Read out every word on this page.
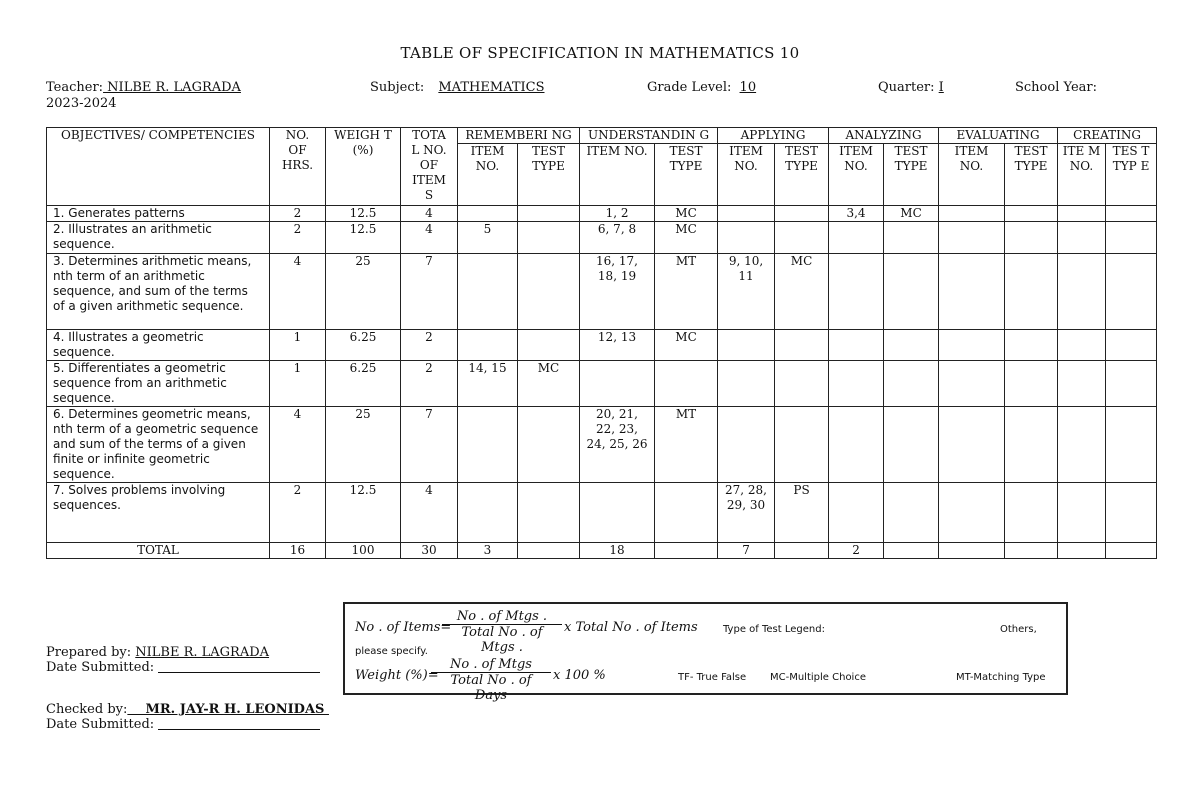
TABLE OF SPECIFICATION IN MATHEMATICS 10
Teacher: NILBE R. LAGRADA	Subject: MATHEMATICS	Grade Level: 10	Quarter: I	School Year:
2023-2024
OBJECTIVES/ COMPETENCIES	NO. OF HRS.	WEIGH T (%)	TOTA L NO. OF ITEM S	REMEMBERI NG		UNDERSTANDIN G		APPLYING		ANALYZING		EVALUATING		CREATING	
				ITEM NO.	TEST TYPE	ITEM NO.	TEST TYPE	ITEM NO.	TEST TYPE	ITEM NO.	TEST TYPE	ITEM NO.	TEST TYPE	ITE M NO.	TES T TYP E
1. Generates patterns	2	12.5	4			1, 2	MC			3,4	MC				
2. Illustrates an arithmetic sequence.	2	12.5	4	5		6, 7, 8	MC								
3. Determines arithmetic means, nth term of an arithmetic sequence, and sum of the terms of a given arithmetic sequence.	4	25	7			16, 17, 18, 19	MT	9, 10, 11	MC						
4. Illustrates a geometric sequence.	1	6.25	2			12, 13	MC								
5. Differentiates a geometric sequence from an arithmetic sequence.	1	6.25	2	14, 15	MC										
6. Determines geometric means, nth term of a geometric sequence and sum of the terms of a given finite or infinite geometric sequence.	4	25	7			20, 21, 22, 23, 24, 25, 26	MT								
7. Solves problems involving sequences.	2	12.5	4					27, 28, 29, 30	PS						
TOTAL	16	100	30	3		18		7		2					
Prepared by: NILBE R. LAGRADA
Date Submitted:
Checked by:    MR. JAY-R H. LEONIDAS
Date Submitted:
No . of Items=
No . of Mtgs .
Total No . of Mtgs .
x Total No . of Items	Type of Test Legend:	Others,
please specify.
Weight (%)=
No . of Mtgs
Total No . of Days
x 100 %	TF- True False MC-Multiple Choice	MT-Matching Type
